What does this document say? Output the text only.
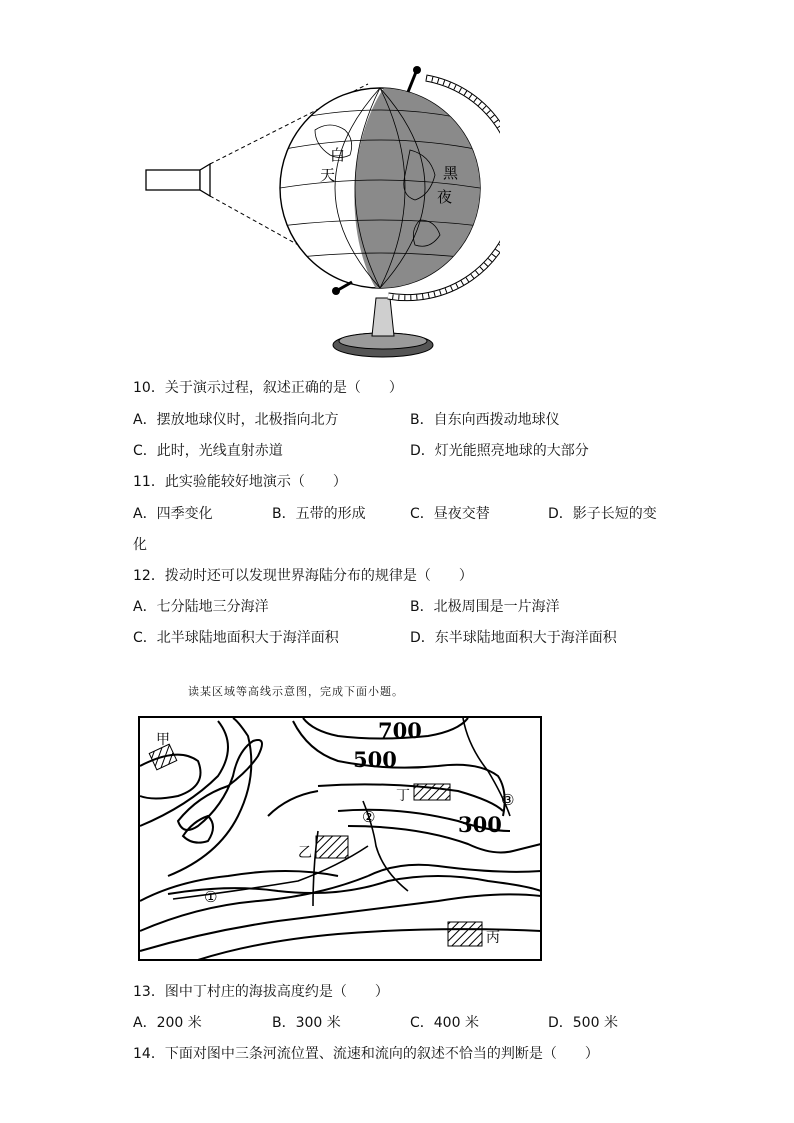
白
天	黑
夜
10．关于演示过程，叙述正确的是（　　）
A．摆放地球仪时，北极指向北方	B．自东向西拨动地球仪
C．此时，光线直射赤道	D．灯光能照亮地球的大部分
11．此实验能较好地演示（　　）
A．四季变化	B．五带的形成	C．昼夜交替	D．影子长短的变
化
12．拨动时还可以发现世界海陆分布的规律是（　　）
A．七分陆地三分海洋	B．北极周围是一片海洋
C．北半球陆地面积大于海洋面积	D．东半球陆地面积大于海洋面积
读某区域等高线示意图，完成下面小题。
700
500
300
甲
乙
丙
丁
①
②
③
13．图中丁村庄的海拔高度约是（　　）
A．200 米	B．300 米	C．400 米	D．500 米
14．下面对图中三条河流位置、流速和流向的叙述不恰当的判断是（　　）
